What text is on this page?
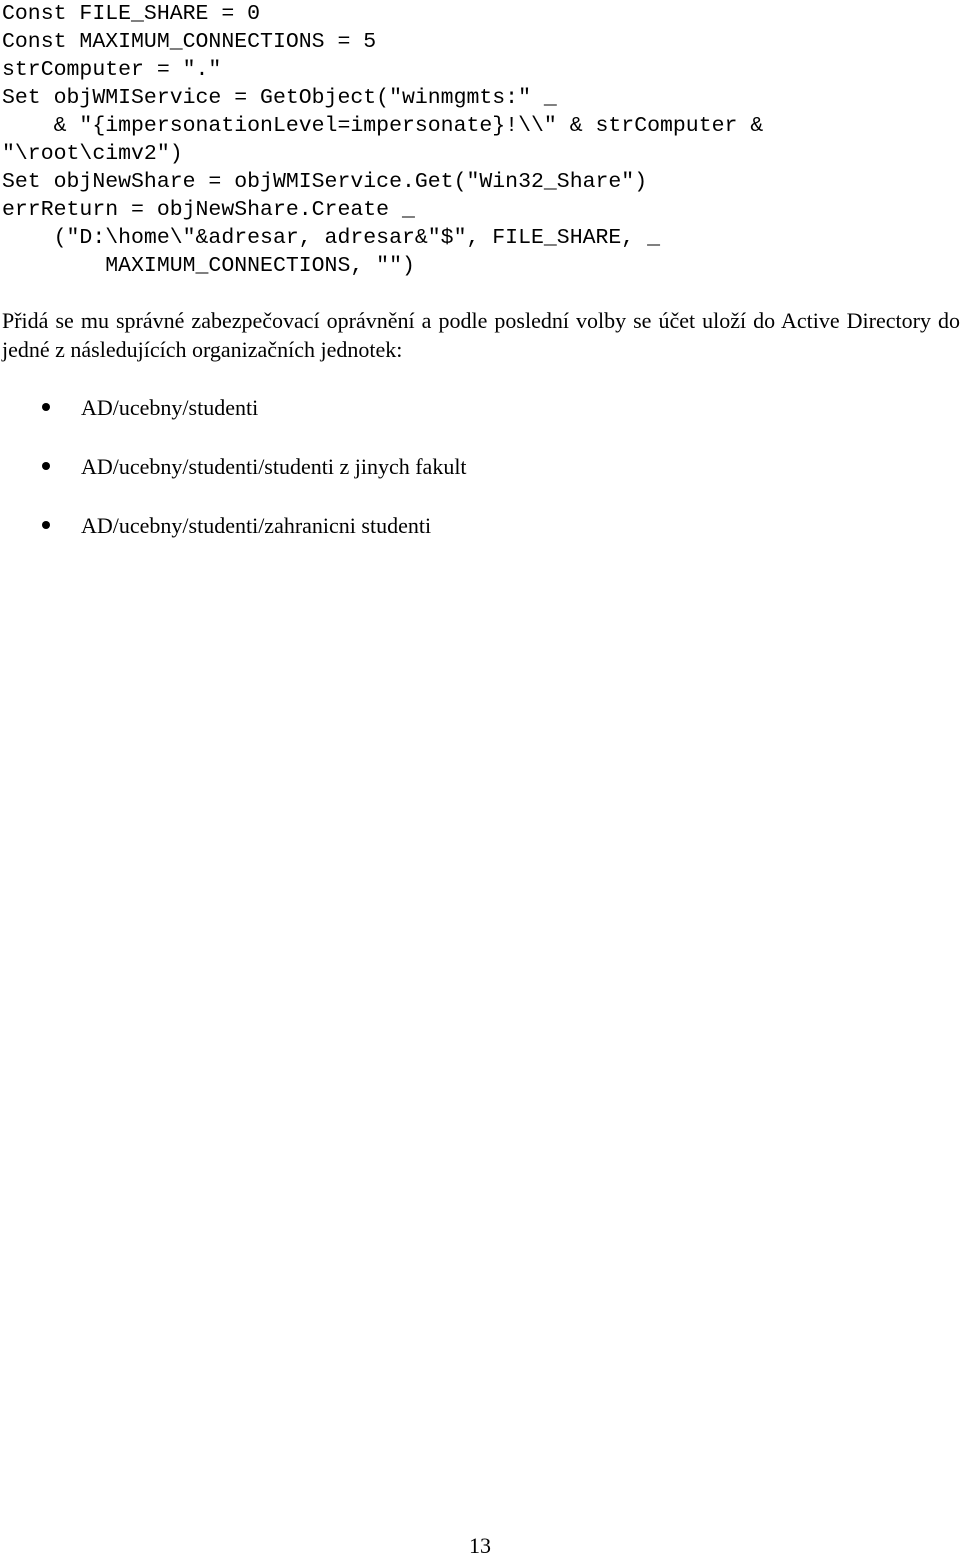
Const FILE_SHARE = 0
Const MAXIMUM_CONNECTIONS = 5
strComputer = "."
Set objWMIService = GetObject("winmgmts:" _
& "{impersonationLevel=impersonate}!\\" & strComputer &
"\root\cimv2")
Set objNewShare = objWMIService.Get("Win32_Share")
errReturn = objNewShare.Create _
("D:\home\"&adresar, adresar&"$", FILE_SHARE, _
MAXIMUM_CONNECTIONS, "")

Přidá se mu správné zabezpečovací oprávnění a podle poslední volby se účet uloží do Active Directory do jedné z následujících organizačních jednotek:

AD/ucebny/studenti
AD/ucebny/studenti/studenti z jinych fakult
AD/ucebny/studenti/zahranicni studenti
13
